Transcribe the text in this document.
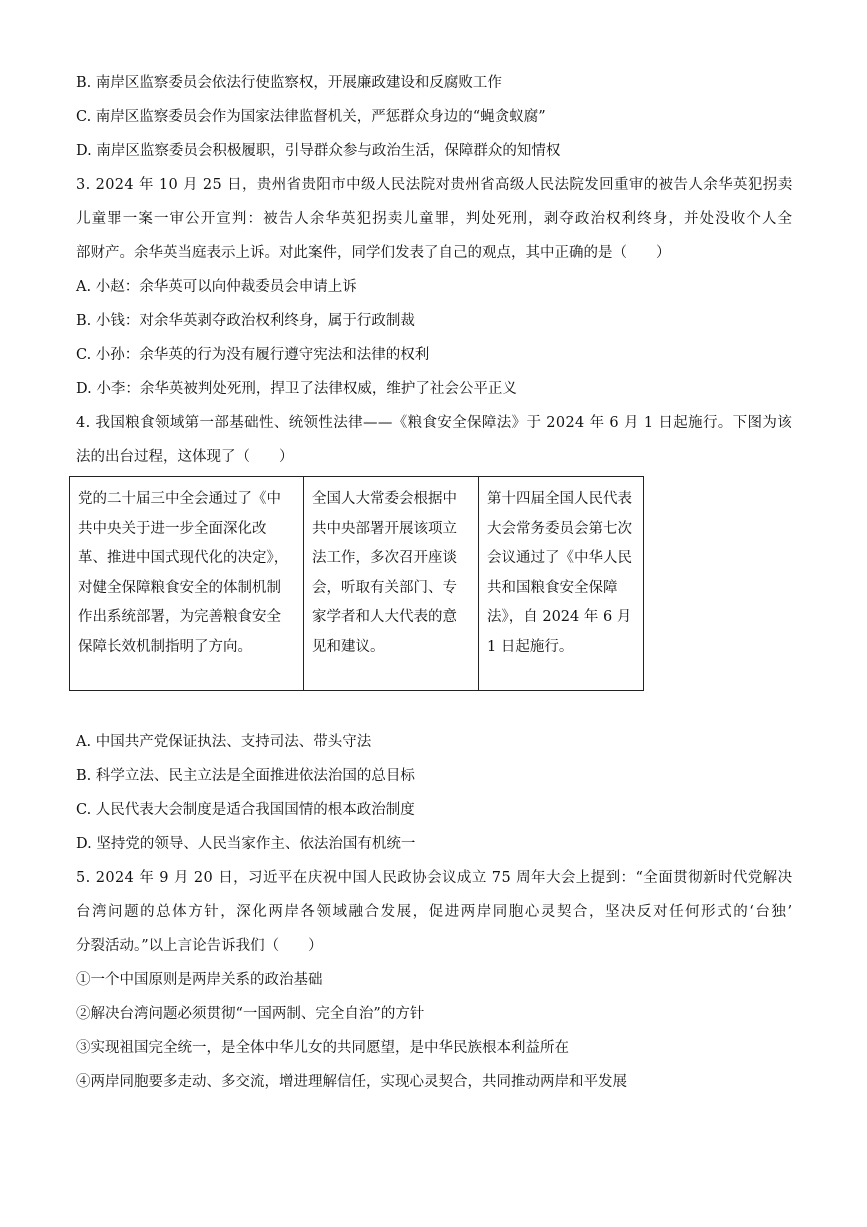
B. 南岸区监察委员会依法行使监察权，开展廉政建设和反腐败工作
C. 南岸区监察委员会作为国家法律监督机关，严惩群众身边的“蝇贪蚁腐”
D. 南岸区监察委员会积极履职，引导群众参与政治生活，保障群众的知情权
3. 2024 年 10 月 25 日，贵州省贵阳市中级人民法院对贵州省高级人民法院发回重审的被告人余华英犯拐卖
儿童罪一案一审公开宣判：被告人余华英犯拐卖儿童罪，判处死刑，剥夺政治权利终身，并处没收个人全
部财产。余华英当庭表示上诉。对此案件，同学们发表了自己的观点，其中正确的是（　　）
A. 小赵：余华英可以向仲裁委员会申请上诉
B. 小钱：对余华英剥夺政治权利终身，属于行政制裁
C. 小孙：余华英的行为没有履行遵守宪法和法律的权利
D. 小李：余华英被判处死刑，捍卫了法律权威，维护了社会公平正义
4. 我国粮食领域第一部基础性、统领性法律——《粮食安全保障法》于 2024 年 6 月 1 日起施行。下图为该
法的出台过程，这体现了（　　）
党的二十届三中全会通过了《中共中央关于进一步全面深化改革、推进中国式现代化的决定》，对健全保障粮食安全的体制机制作出系统部署，为完善粮食安全保障长效机制指明了方向。	全国人大常委会根据中共中央部署开展该项立法工作，多次召开座谈会，听取有关部门、专家学者和人大代表的意见和建议。	第十四届全国人民代表大会常务委员会第七次会议通过了《中华人民共和国粮食安全保障法》，自 2024 年 6 月 1 日起施行。
A. 中国共产党保证执法、支持司法、带头守法
B. 科学立法、民主立法是全面推进依法治国的总目标
C. 人民代表大会制度是适合我国国情的根本政治制度
D. 坚持党的领导、人民当家作主、依法治国有机统一
5. 2024 年 9 月 20 日，习近平在庆祝中国人民政协会议成立 75 周年大会上提到：“全面贯彻新时代党解决
台湾问题的总体方针，深化两岸各领域融合发展，促进两岸同胞心灵契合，坚决反对任何形式的‘台独’
分裂活动。”以上言论告诉我们（　　）
①一个中国原则是两岸关系的政治基础
②解决台湾问题必须贯彻“一国两制、完全自治”的方针
③实现祖国完全统一，是全体中华儿女的共同愿望，是中华民族根本利益所在
④两岸同胞要多走动、多交流，增进理解信任，实现心灵契合，共同推动两岸和平发展
